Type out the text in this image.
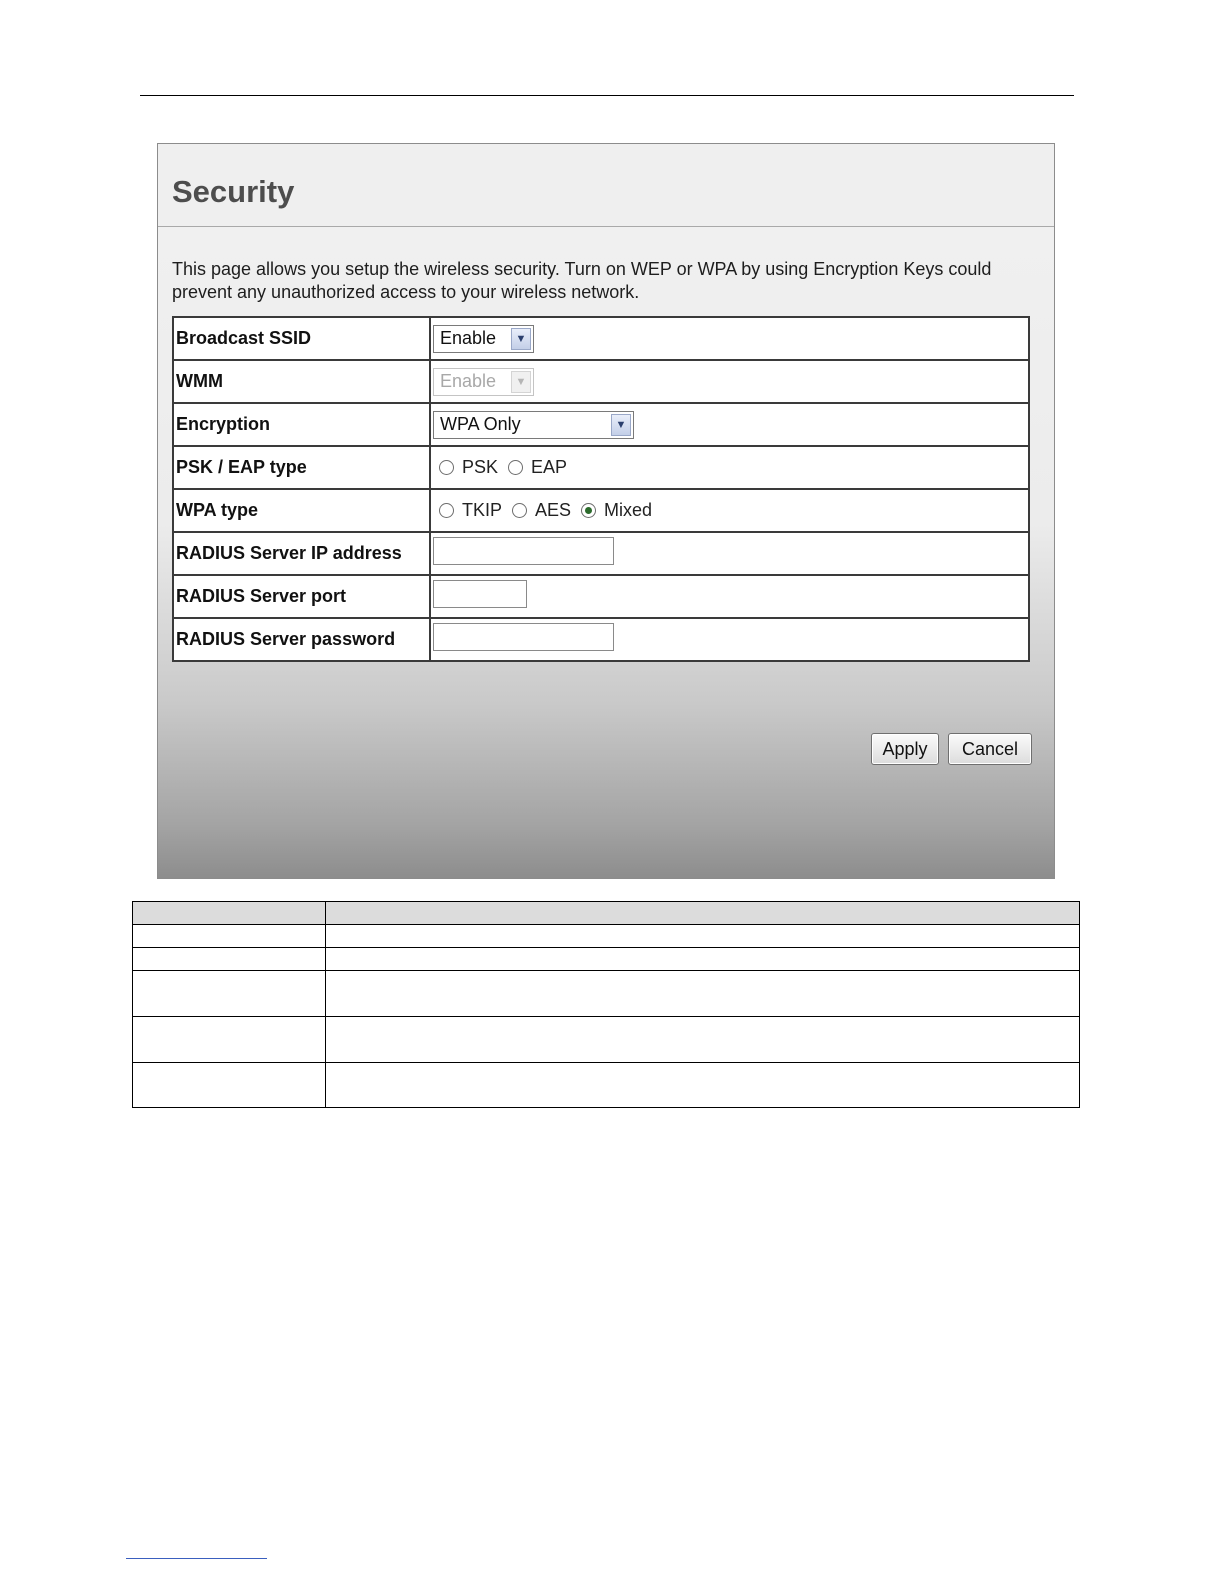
Security
This page allows you setup the wireless security. Turn on WEP or WPA by using Encryption Keys could prevent any unauthorized access to your wireless network.
Broadcast SSID	Enable ▼

WMM	Enable ▼

Encryption	WPA Only ▼

PSK / EAP type	PSK EAP

WPA type	TKIP AES Mixed

RADIUS Server IP address	
RADIUS Server port	
RADIUS Server password	
Apply	Cancel
